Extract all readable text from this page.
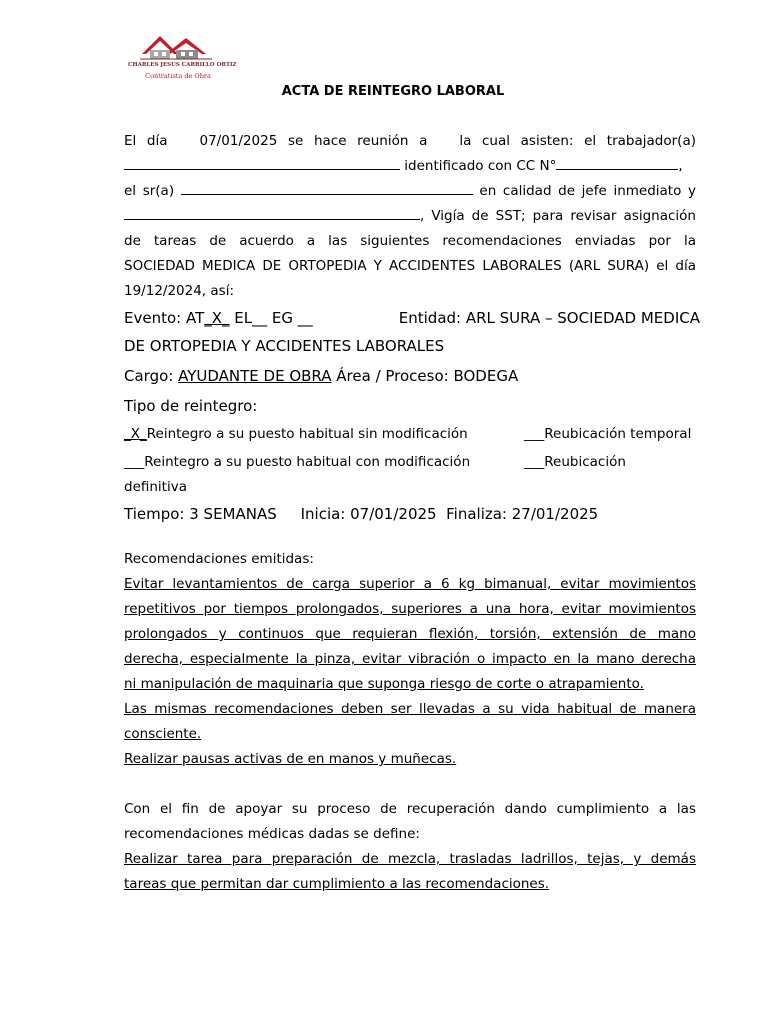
CHARLES JESUS CARRILLO ORTIZ
Contratista de Obra
ACTA DE REINTEGRO LABORAL

El día 07/01/2025 se hace reunión a la cual asisten: el trabajador(a)

identificado con CC N°	,

el sr(a)	en calidad de jefe inmediato y

, Vigía de SST; para revisar asignación

de tareas de acuerdo a las siguientes recomendaciones enviadas por la

SOCIEDAD MEDICA DE ORTOPEDIA Y ACCIDENTES LABORALES (ARL SURA) el día

19/12/2024, así:
Evento: AT_X_ EL__ EG __	Entidad: ARL SURA – SOCIEDAD MEDICA
DE ORTOPEDIA Y ACCIDENTES LABORALES
Cargo: AYUDANTE DE OBRA Área / Proceso: BODEGA
Tipo de reintegro:
_X_Reintegro a su puesto habitual sin modificación	___Reubicación temporal
___Reintegro a su puesto habitual con modificación	___Reubicación
definitiva
Tiempo: 3 SEMANAS Inicia: 07/01/2025 Finaliza: 27/01/2025
Recomendaciones emitidas:
Evitar levantamientos de carga superior a 6 kg bimanual, evitar movimientos
repetitivos por tiempos prolongados, superiores a una hora, evitar movimientos
prolongados y continuos que requieran flexión, torsión, extensión de mano
derecha, especialmente la pinza, evitar vibración o impacto en la mano derecha
ni manipulación de maquinaria que suponga riesgo de corte o atrapamiento.
Las mismas recomendaciones deben ser llevadas a su vida habitual de manera
consciente.
Realizar pausas activas de en manos y muñecas.

Con el fin de apoyar su proceso de recuperación dando cumplimiento a las

recomendaciones médicas dadas se define:
Realizar tarea para preparación de mezcla, trasladas ladrillos, tejas, y demás
tareas que permitan dar cumplimiento a las recomendaciones.
